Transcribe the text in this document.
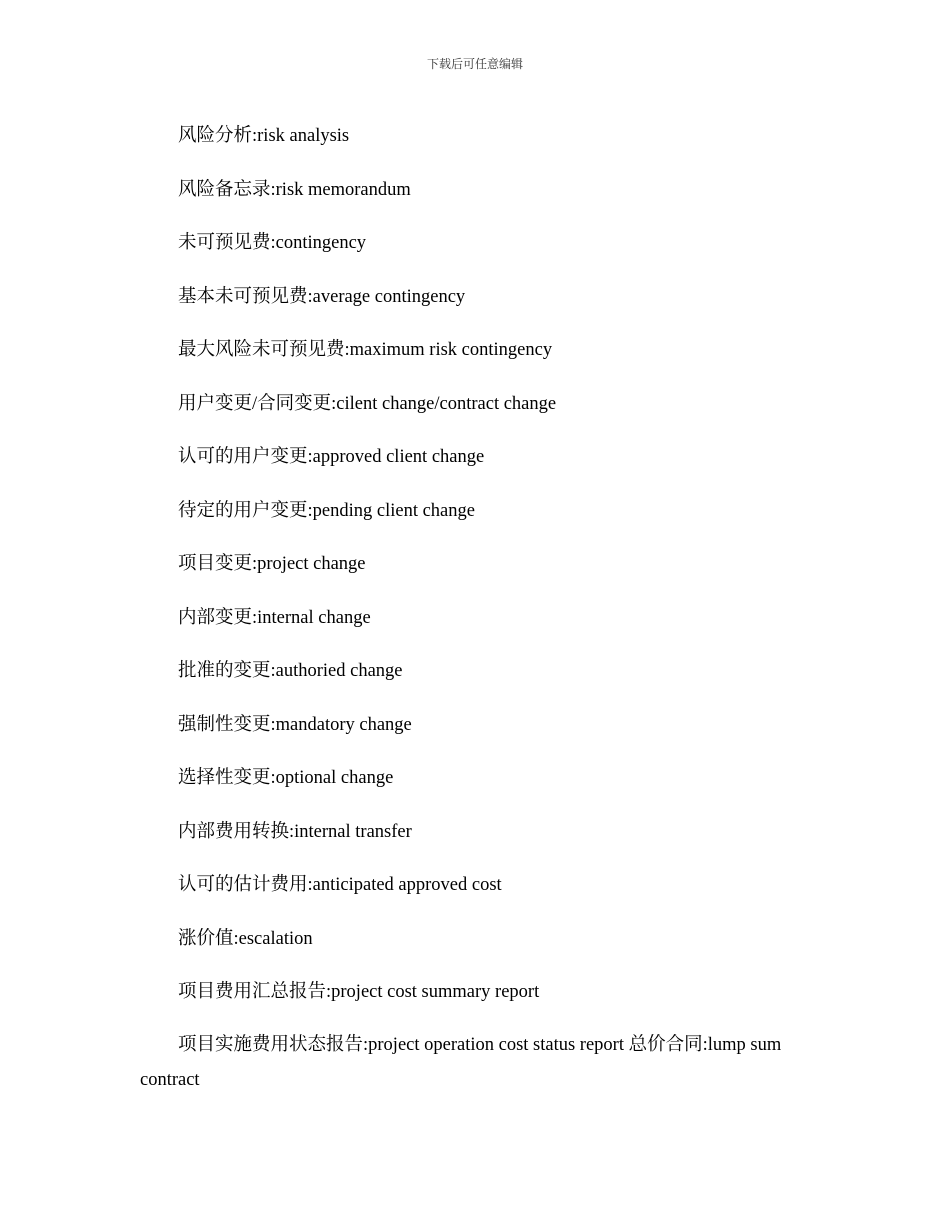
下载后可任意编辑

风险分析:risk analysis

风险备忘录:risk memorandum

未可预见费:contingency

基本未可预见费:average contingency

最大风险未可预见费:maximum risk contingency

用户变更/合同变更:cilent change/contract change

认可的用户变更:approved client change

待定的用户变更:pending client change

项目变更:project change

内部变更:internal change

批准的变更:authoried change

强制性变更:mandatory change

选择性变更:optional change

内部费用转换:internal transfer

认可的估计费用:anticipated approved cost

涨价值:escalation

项目费用汇总报告:project cost summary report

项目实施费用状态报告:project operation cost status report 总价合同:lump sum contract
